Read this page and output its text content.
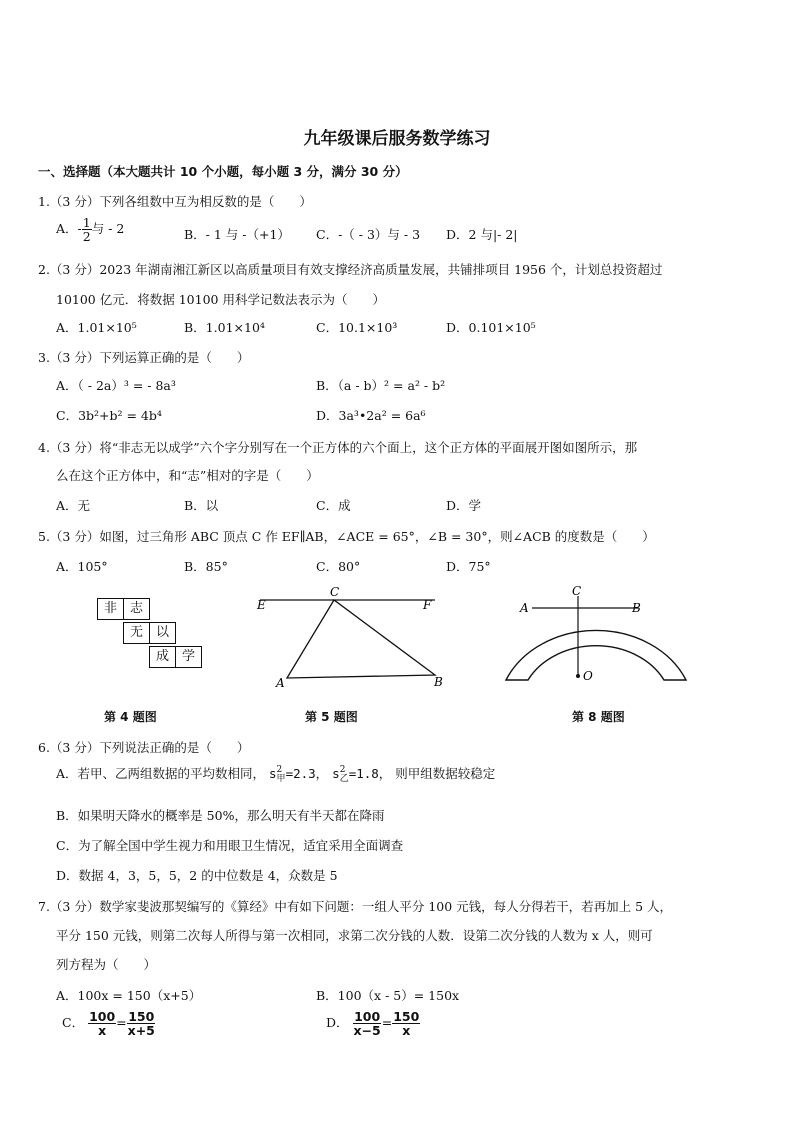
九年级课后服务数学练习
一、选择题（本大题共计 10 个小题，每小题 3 分，满分 30 分）
1.（3 分）下列各组数中互为相反数的是（　　）
A．- $\frac{1}{2}$ 与 - 2	B．- 1 与 -（+1） C．-（ - 3）与 - 3 D．2 与|- 2|
2.（3 分）2023 年湖南湘江新区以高质量项目有效支撑经济高质量发展，共铺排项目 1956 个，计划总投资超过
10100 亿元．将数据 10100 用科学记数法表示为（　　）
A．1.01×10⁵	B．1.01×10⁴	C．10.1×10³	D．0.101×10⁵
3.（3 分）下列运算正确的是（　　）
A．（ - 2a）³ = - 8a³	B．（a - b）² = a² - b²
C．3b²+b² = 4b⁴	D．3a³•2a² = 6a⁶
4.（3 分）将“非志无以成学”六个字分别写在一个正方体的六个面上，这个正方体的平面展开图如图所示，那
么在这个正方体中，和“志”相对的字是（　　）
A．无	B．以	C．成	D．学
5.（3 分）如图，过三角形 ABC 顶点 C 作 EF∥AB，∠ACE = 65°，∠B = 30°，则∠ACB 的度数是（　　）
A．105°	B．85°	C．80°	D．75°
非 志
无 以
成 学
E
C
F
A	B
A
C
B
O
第 4 题图	第 5 题图	第 8 题图
6.（3 分）下列说法正确的是（　　）
A．若甲、乙两组数据的平均数相同， s 2
甲 =2.3， s 2
乙 =1.8， 则甲组数据较稳定
B．如果明天降水的概率是 50%，那么明天有半天都在降雨
C．为了解全国中学生视力和用眼卫生情况，适宜采用全面调查
D．数据 4，3，5，5，2 的中位数是 4，众数是 5
7.（3 分）数学家斐波那契编写的《算经》中有如下问题：一组人平分 100 元钱，每人分得若干，若再加上 5 人，
平分 150 元钱，则第二次每人所得与第一次相同，求第二次分钱的人数．设第二次分钱的人数为 x 人，则可
列方程为（　　）
A．100x = 150（x+5）	B．100（x - 5）= 150x
C． $\frac{100}{x} = \frac{150}{x+5}$	D． $\frac{100}{x-5} = \frac{150}{x}$
